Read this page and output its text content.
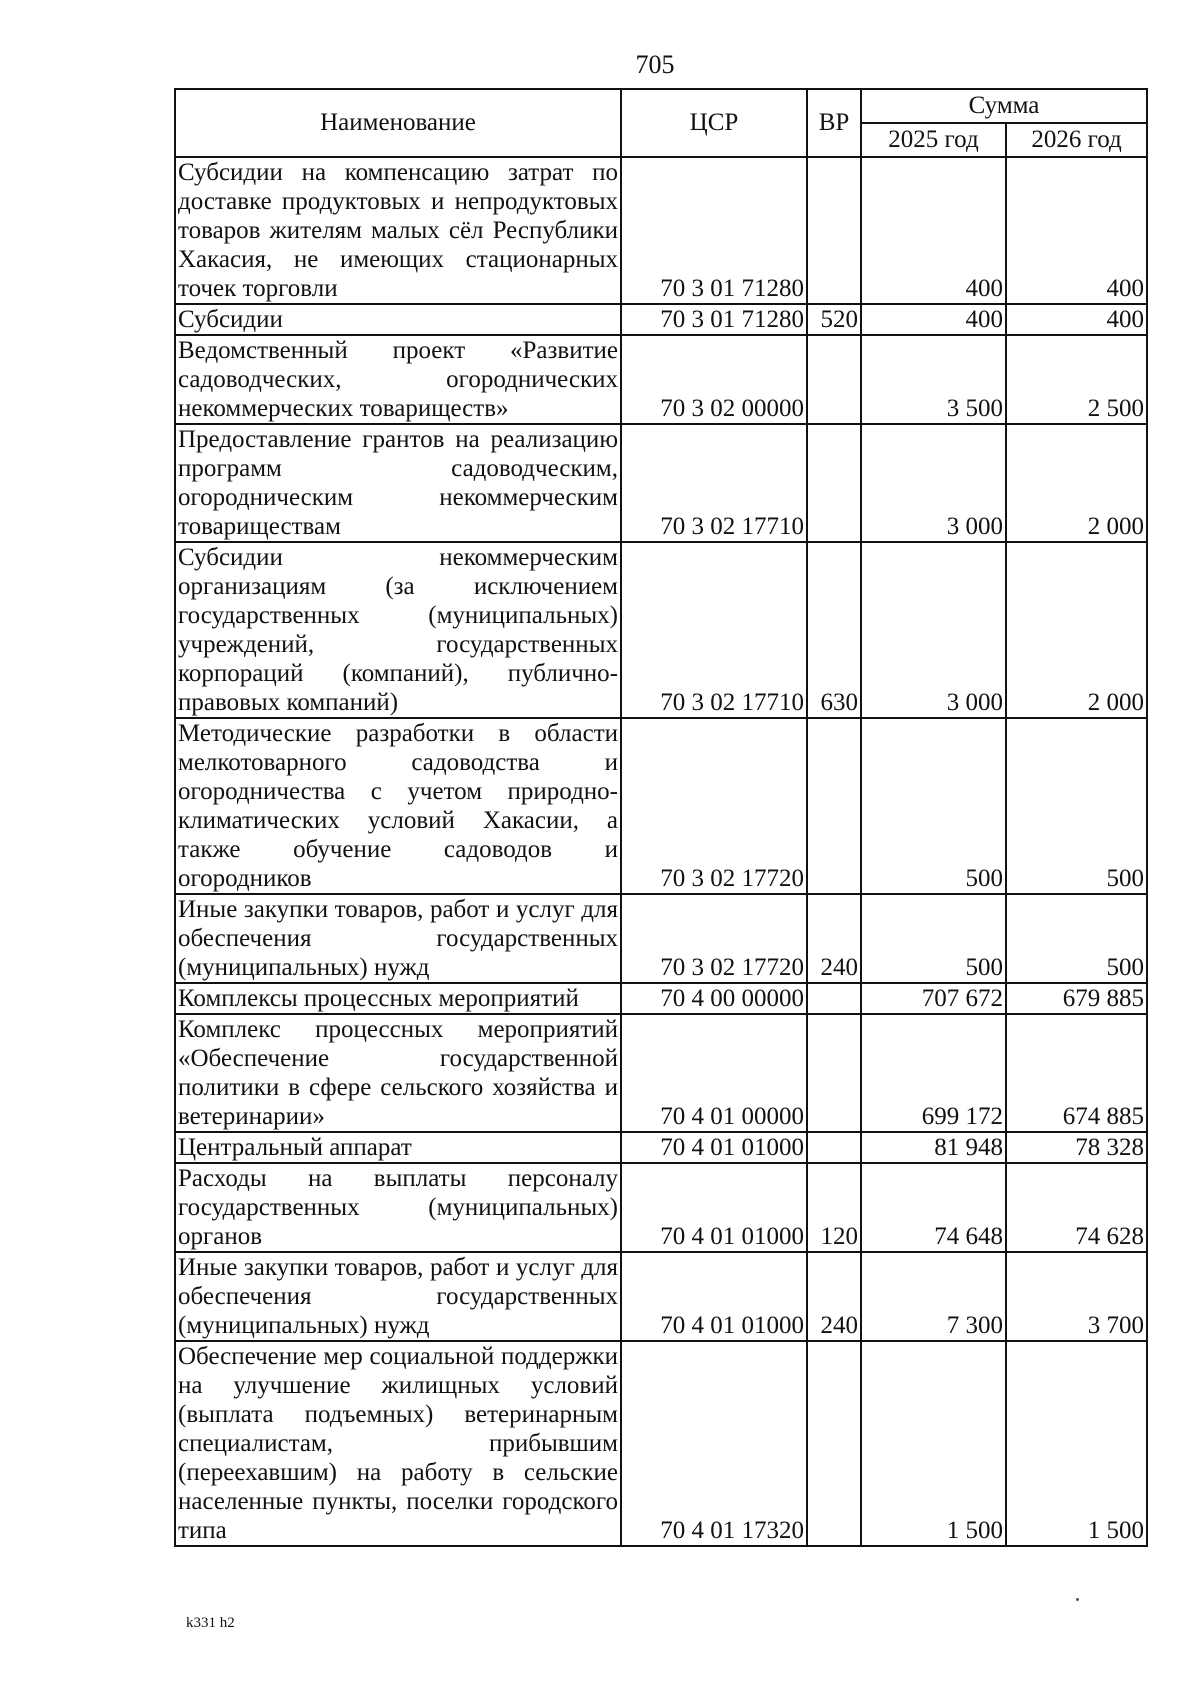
705
Наименование	ЦСР	ВР	Сумма	
			2025 год	2026 год
Субсидии на компенсацию затрат по доставке продуктовых и непродуктовых товаров жителям малых сёл Республики Хакасия, не имеющих стационарных точек торговли	70 3 01 71280		400	400
Субсидии	70 3 01 71280	520	400	400
Ведомственный проект «Развитие садоводческих, огороднических некоммерческих товариществ»	70 3 02 00000		3 500	2 500
Предоставление грантов на реализацию программ садоводческим, огородническим некоммерческим товариществам	70 3 02 17710		3 000	2 000
Субсидии некоммерческим организациям (за исключением государственных (муниципальных) учреждений, государственных корпораций (компаний), публично-правовых компаний)	70 3 02 17710	630	3 000	2 000
Методические разработки в области мелкотоварного садоводства и огородничества с учетом природно-климатических условий Хакасии, а также обучение садоводов и огородников	70 3 02 17720		500	500
Иные закупки товаров, работ и услуг для обеспечения государственных (муниципальных) нужд	70 3 02 17720	240	500	500
Комплексы процессных мероприятий	70 4 00 00000		707 672	679 885
Комплекс процессных мероприятий «Обеспечение государственной политики в сфере сельского хозяйства и ветеринарии»	70 4 01 00000		699 172	674 885
Центральный аппарат	70 4 01 01000		81 948	78 328
Расходы на выплаты персоналу государственных (муниципальных) органов	70 4 01 01000	120	74 648	74 628
Иные закупки товаров, работ и услуг для обеспечения государственных (муниципальных) нужд	70 4 01 01000	240	7 300	3 700
Обеспечение мер социальной поддержки на улучшение жилищных условий (выплата подъемных) ветеринарным специалистам, прибывшим (переехавшим) на работу в сельские населенные пункты, поселки городского типа	70 4 01 17320		1 500	1 500
k331 h2
